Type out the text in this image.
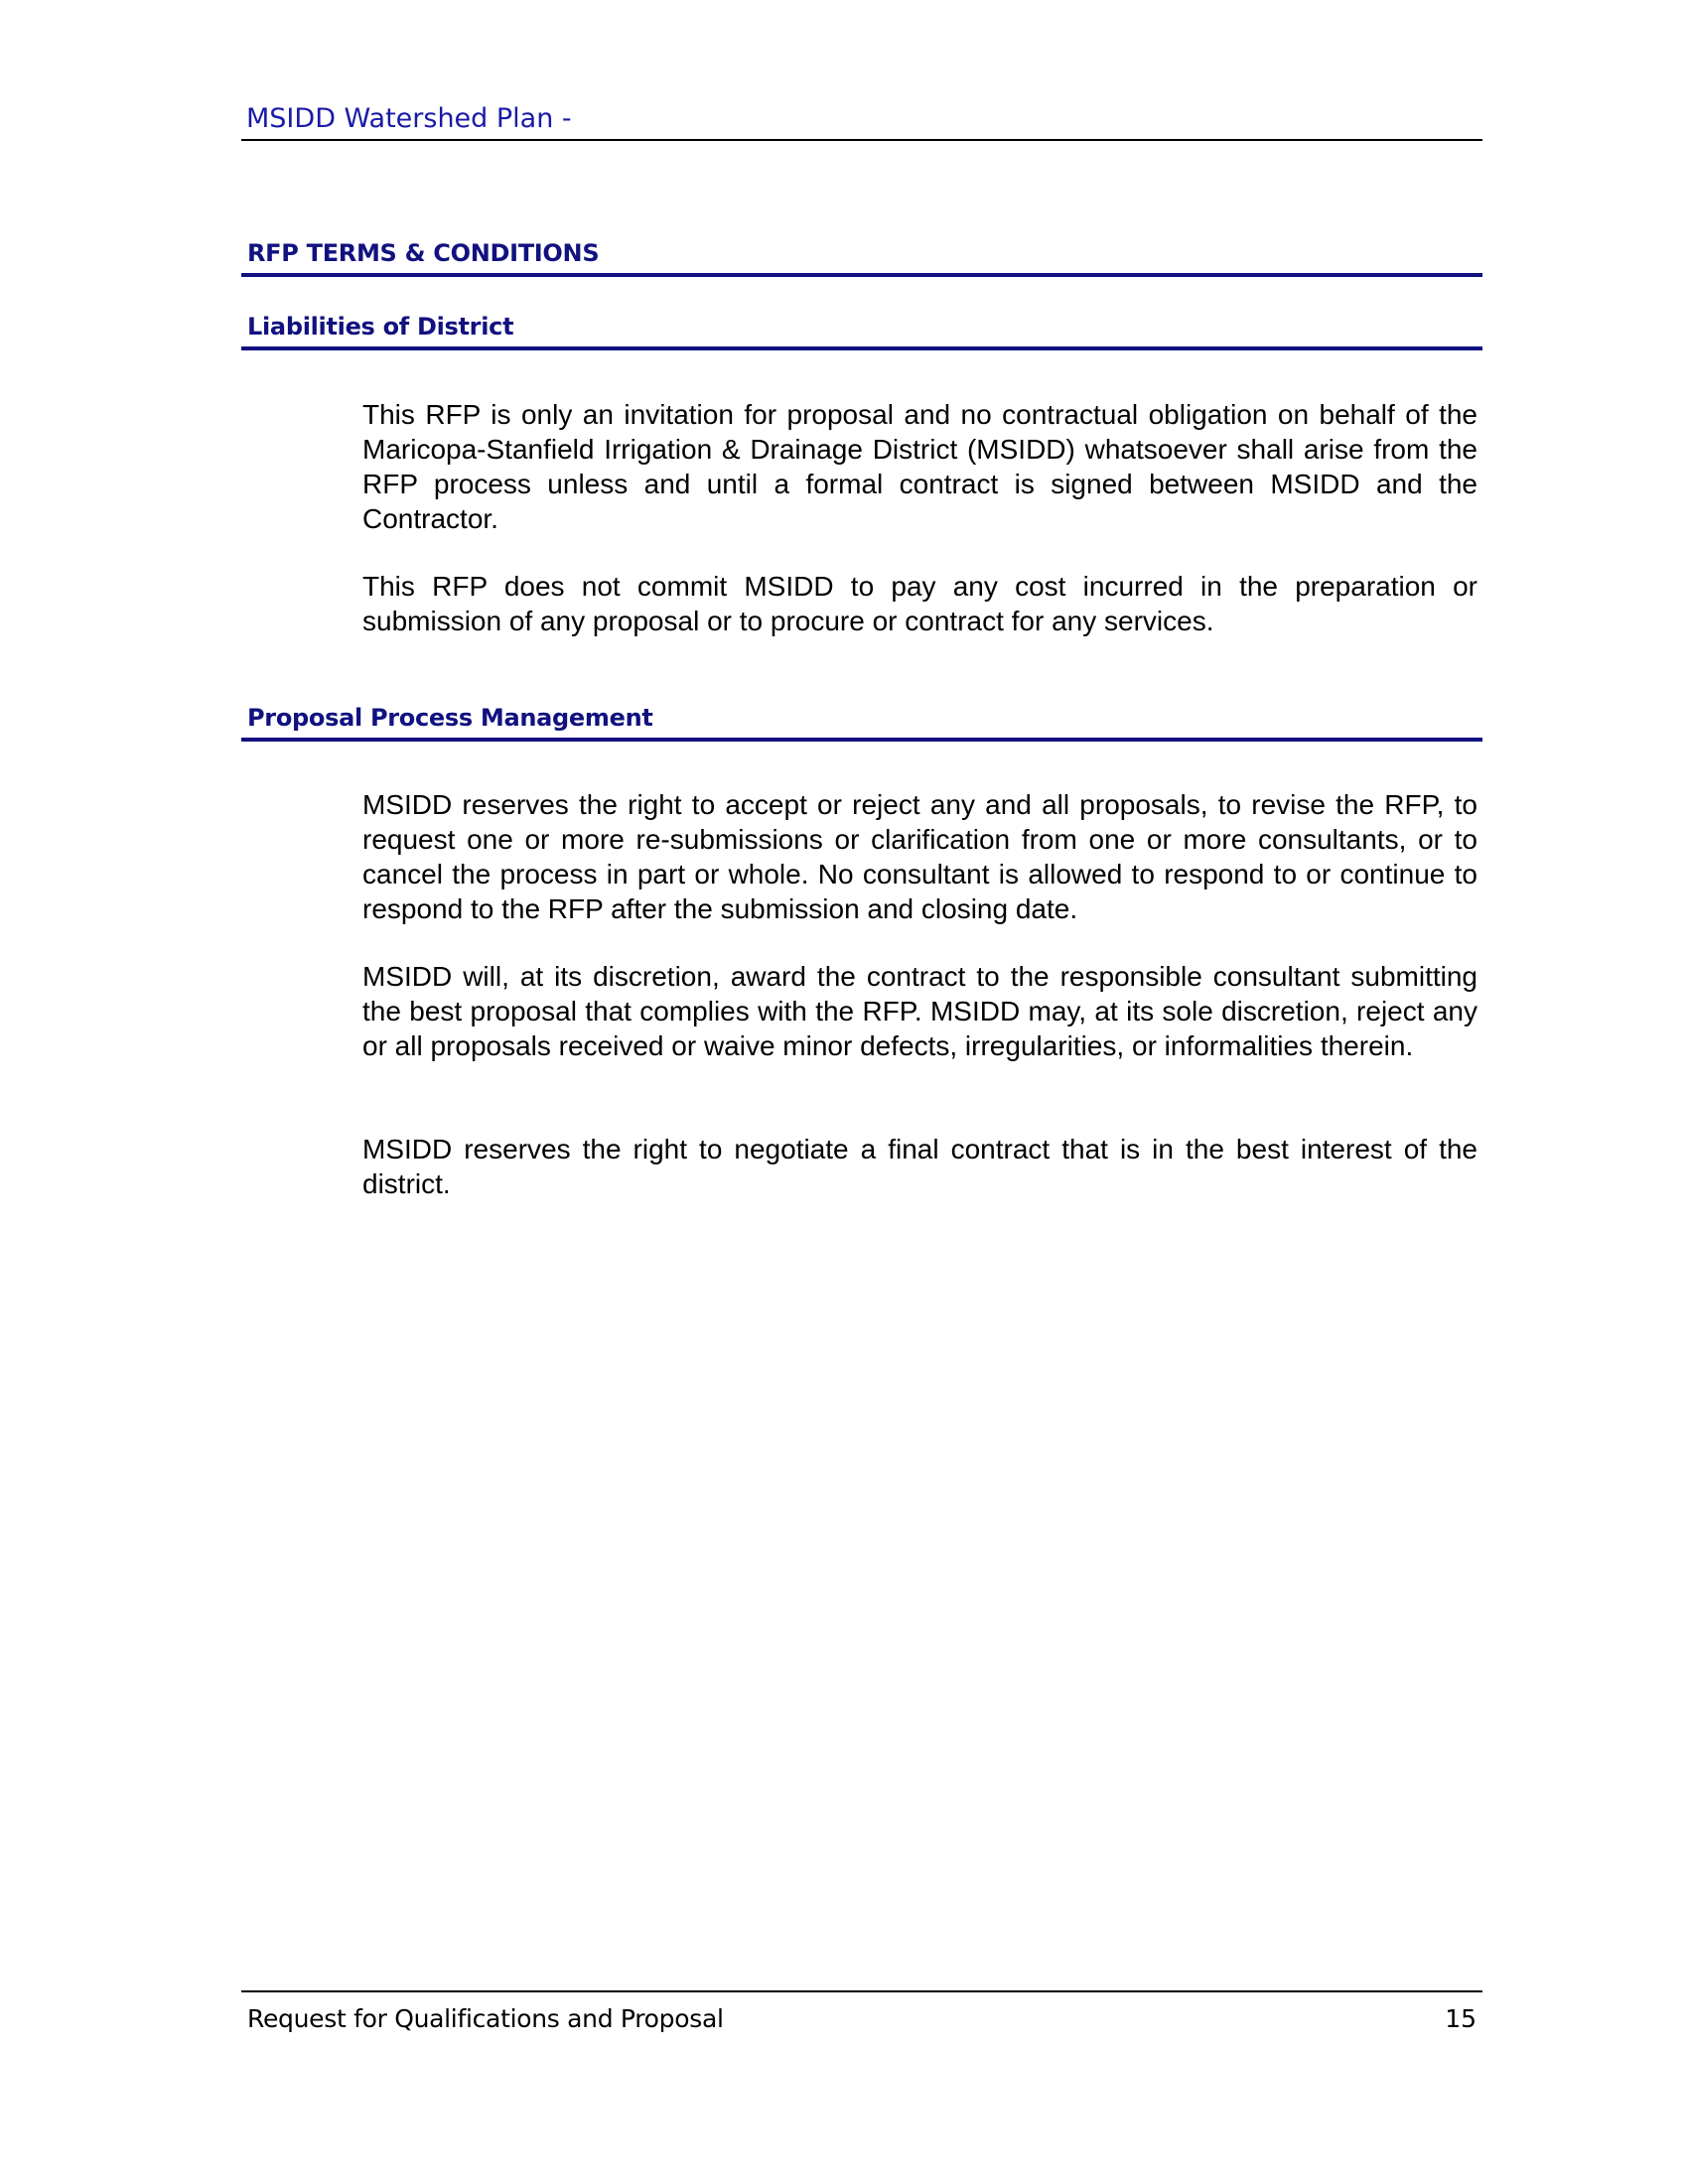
MSIDD Watershed Plan -
RFP TERMS & CONDITIONS
Liabilities of District

This RFP is only an invitation for proposal and no contractual obligation on behalf of the Maricopa-Stanfield Irrigation & Drainage District (MSIDD) whatsoever shall arise from the RFP process unless and until a formal contract is signed between MSIDD and the Contractor.

This RFP does not commit MSIDD to pay any cost incurred in the preparation or submission of any proposal or to procure or contract for any services.

Proposal Process Management

MSIDD reserves the right to accept or reject any and all proposals, to revise the RFP, to request one or more re-submissions or clarification from one or more consultants, or to cancel the process in part or whole. No consultant is allowed to respond to or continue to respond to the RFP after the submission and closing date.

MSIDD will, at its discretion, award the contract to the responsible consultant submitting the best proposal that complies with the RFP. MSIDD may, at its sole discretion, reject any or all proposals received or waive minor defects, irregularities, or informalities therein.

MSIDD reserves the right to negotiate a final contract that is in the best interest of the district.

Request for Qualifications and Proposal	15
